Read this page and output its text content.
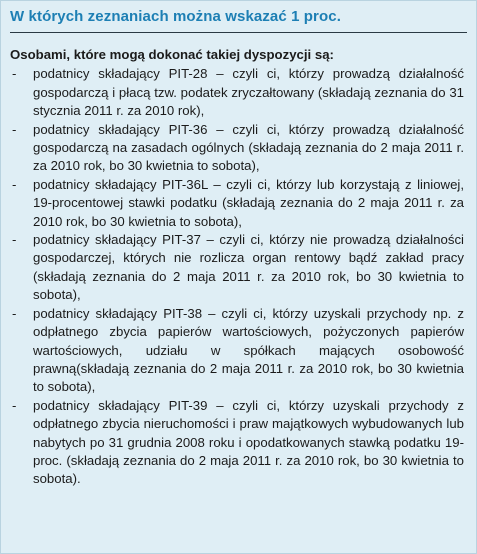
W których zeznaniach można wskazać 1 proc.
Osobami, które mogą dokonać takiej dyspozycji są:
- podatnicy składający PIT-28 – czyli ci, którzy prowadzą działalność gospodarczą i płacą tzw. podatek zryczałtowany (składają zeznania do 31 stycznia 2011 r. za 2010 rok),
- podatnicy składający PIT-36 – czyli ci, którzy prowadzą działalność gospodarczą na zasadach ogólnych (składają zeznania do 2 maja 2011 r. za 2010 rok, bo 30 kwietnia to sobota),
- podatnicy składający PIT-36L – czyli ci, którzy lub korzystają z liniowej, 19-procentowej stawki podatku (składają zeznania do 2 maja 2011 r. za 2010 rok, bo 30 kwietnia to sobota),
- podatnicy składający PIT-37 – czyli ci, którzy nie prowadzą działalności gospodarczej, których nie rozlicza organ rentowy bądź zakład pracy (składają zeznania do 2 maja 2011 r. za 2010 rok, bo 30 kwietnia to sobota),
- podatnicy składający PIT-38 – czyli ci, którzy uzyskali przychody np. z odpłatnego zbycia papierów wartościowych, pożyczonych papierów wartościowych, udziału w spółkach mających osobowość prawną(składają zeznania do 2 maja 2011 r. za 2010 rok, bo 30 kwietnia to sobota),
- podatnicy składający PIT-39 – czyli ci, którzy uzyskali przychody z odpłatnego zbycia nieruchomości i praw majątkowych wybudowanych lub nabytych po 31 grudnia 2008 roku i opodatkowanych stawką podatku 19-proc. (składają zeznania do 2 maja 2011 r. za 2010 rok, bo 30 kwietnia to sobota).
